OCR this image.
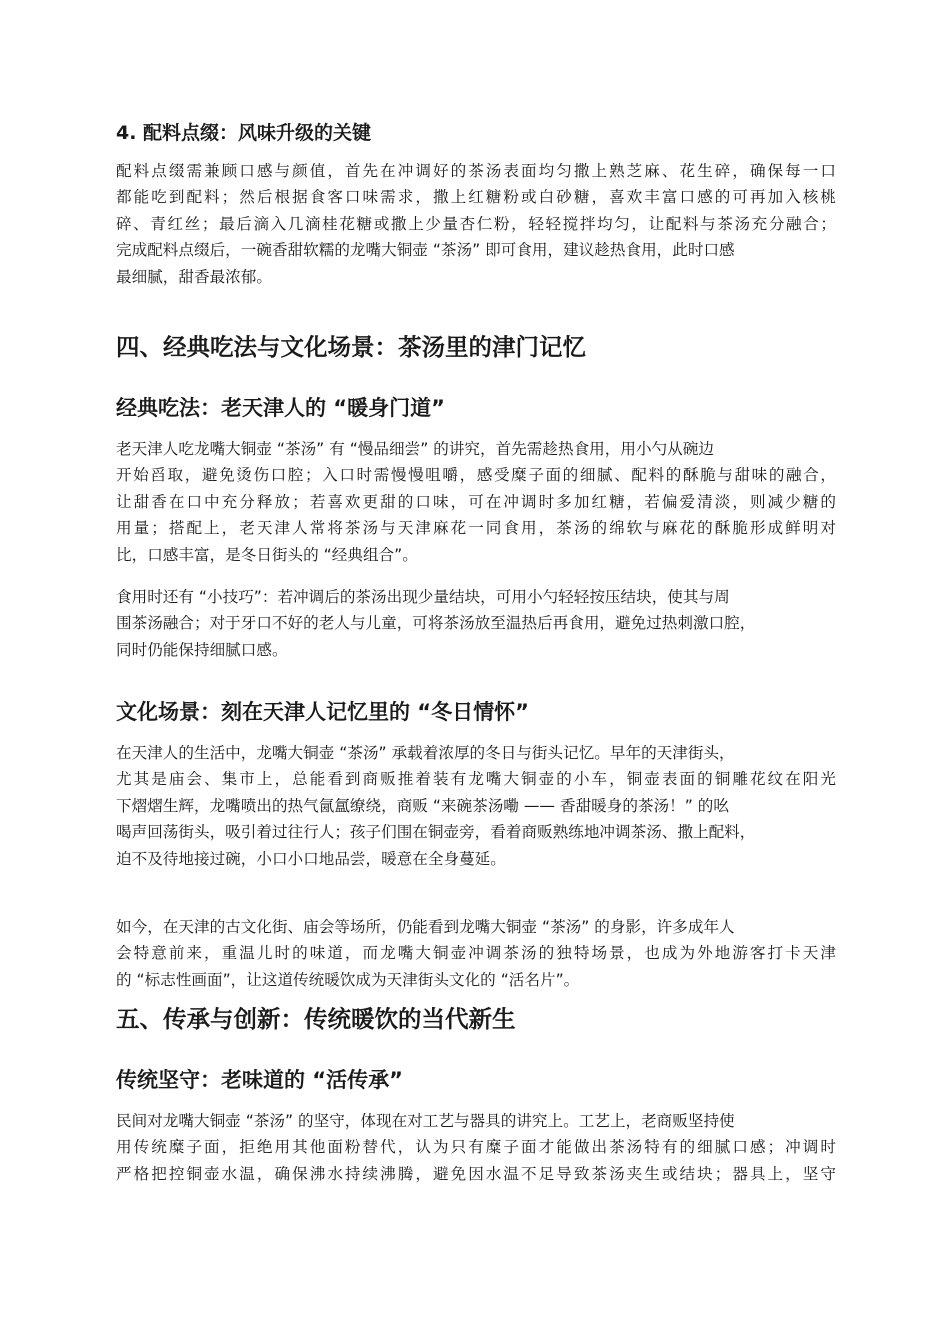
4. 配料点缀：风味升级的关键
配料点缀需兼顾口感与颜值，首先在冲调好的茶汤表面均匀撒上熟芝麻、花生碎，确保每一口
都能吃到配料；然后根据食客口味需求，撒上红糖粉或白砂糖，喜欢丰富口感的可再加入核桃
碎、青红丝；最后滴入几滴桂花糖或撒上少量杏仁粉，轻轻搅拌均匀，让配料与茶汤充分融合；
完成配料点缀后，一碗香甜软糯的龙嘴大铜壶 “茶汤” 即可食用，建议趁热食用，此时口感
最细腻，甜香最浓郁。
四、经典吃法与文化场景：茶汤里的津门记忆
经典吃法：老天津人的 “暖身门道”
老天津人吃龙嘴大铜壶 “茶汤” 有 “慢品细尝” 的讲究，首先需趁热食用，用小勺从碗边
开始舀取，避免烫伤口腔；入口时需慢慢咀嚼，感受糜子面的细腻、配料的酥脆与甜味的融合，
让甜香在口中充分释放；若喜欢更甜的口味，可在冲调时多加红糖，若偏爱清淡，则减少糖的
用量；搭配上，老天津人常将茶汤与天津麻花一同食用，茶汤的绵软与麻花的酥脆形成鲜明对
比，口感丰富，是冬日街头的 “经典组合”。
食用时还有 “小技巧”：若冲调后的茶汤出现少量结块，可用小勺轻轻按压结块，使其与周
围茶汤融合；对于牙口不好的老人与儿童，可将茶汤放至温热后再食用，避免过热刺激口腔，
同时仍能保持细腻口感。
文化场景：刻在天津人记忆里的 “冬日情怀”
在天津人的生活中，龙嘴大铜壶 “茶汤” 承载着浓厚的冬日与街头记忆。早年的天津街头，
尤其是庙会、集市上，总能看到商贩推着装有龙嘴大铜壶的小车，铜壶表面的铜雕花纹在阳光
下熠熠生辉，龙嘴喷出的热气氤氲缭绕，商贩 “来碗茶汤嘞 —— 香甜暖身的茶汤！” 的吆
喝声回荡街头，吸引着过往行人；孩子们围在铜壶旁，看着商贩熟练地冲调茶汤、撒上配料，
迫不及待地接过碗，小口小口地品尝，暖意在全身蔓延。
如今，在天津的古文化街、庙会等场所，仍能看到龙嘴大铜壶 “茶汤” 的身影，许多成年人
会特意前来，重温儿时的味道，而龙嘴大铜壶冲调茶汤的独特场景，也成为外地游客打卡天津
的 “标志性画面”，让这道传统暖饮成为天津街头文化的 “活名片”。
五、传承与创新：传统暖饮的当代新生
传统坚守：老味道的 “活传承”
民间对龙嘴大铜壶 “茶汤” 的坚守，体现在对工艺与器具的讲究上。工艺上，老商贩坚持使
用传统糜子面，拒绝用其他面粉替代，认为只有糜子面才能做出茶汤特有的细腻口感；冲调时
严格把控铜壶水温，确保沸水持续沸腾，避免因水温不足导致茶汤夹生或结块；器具上，坚守
